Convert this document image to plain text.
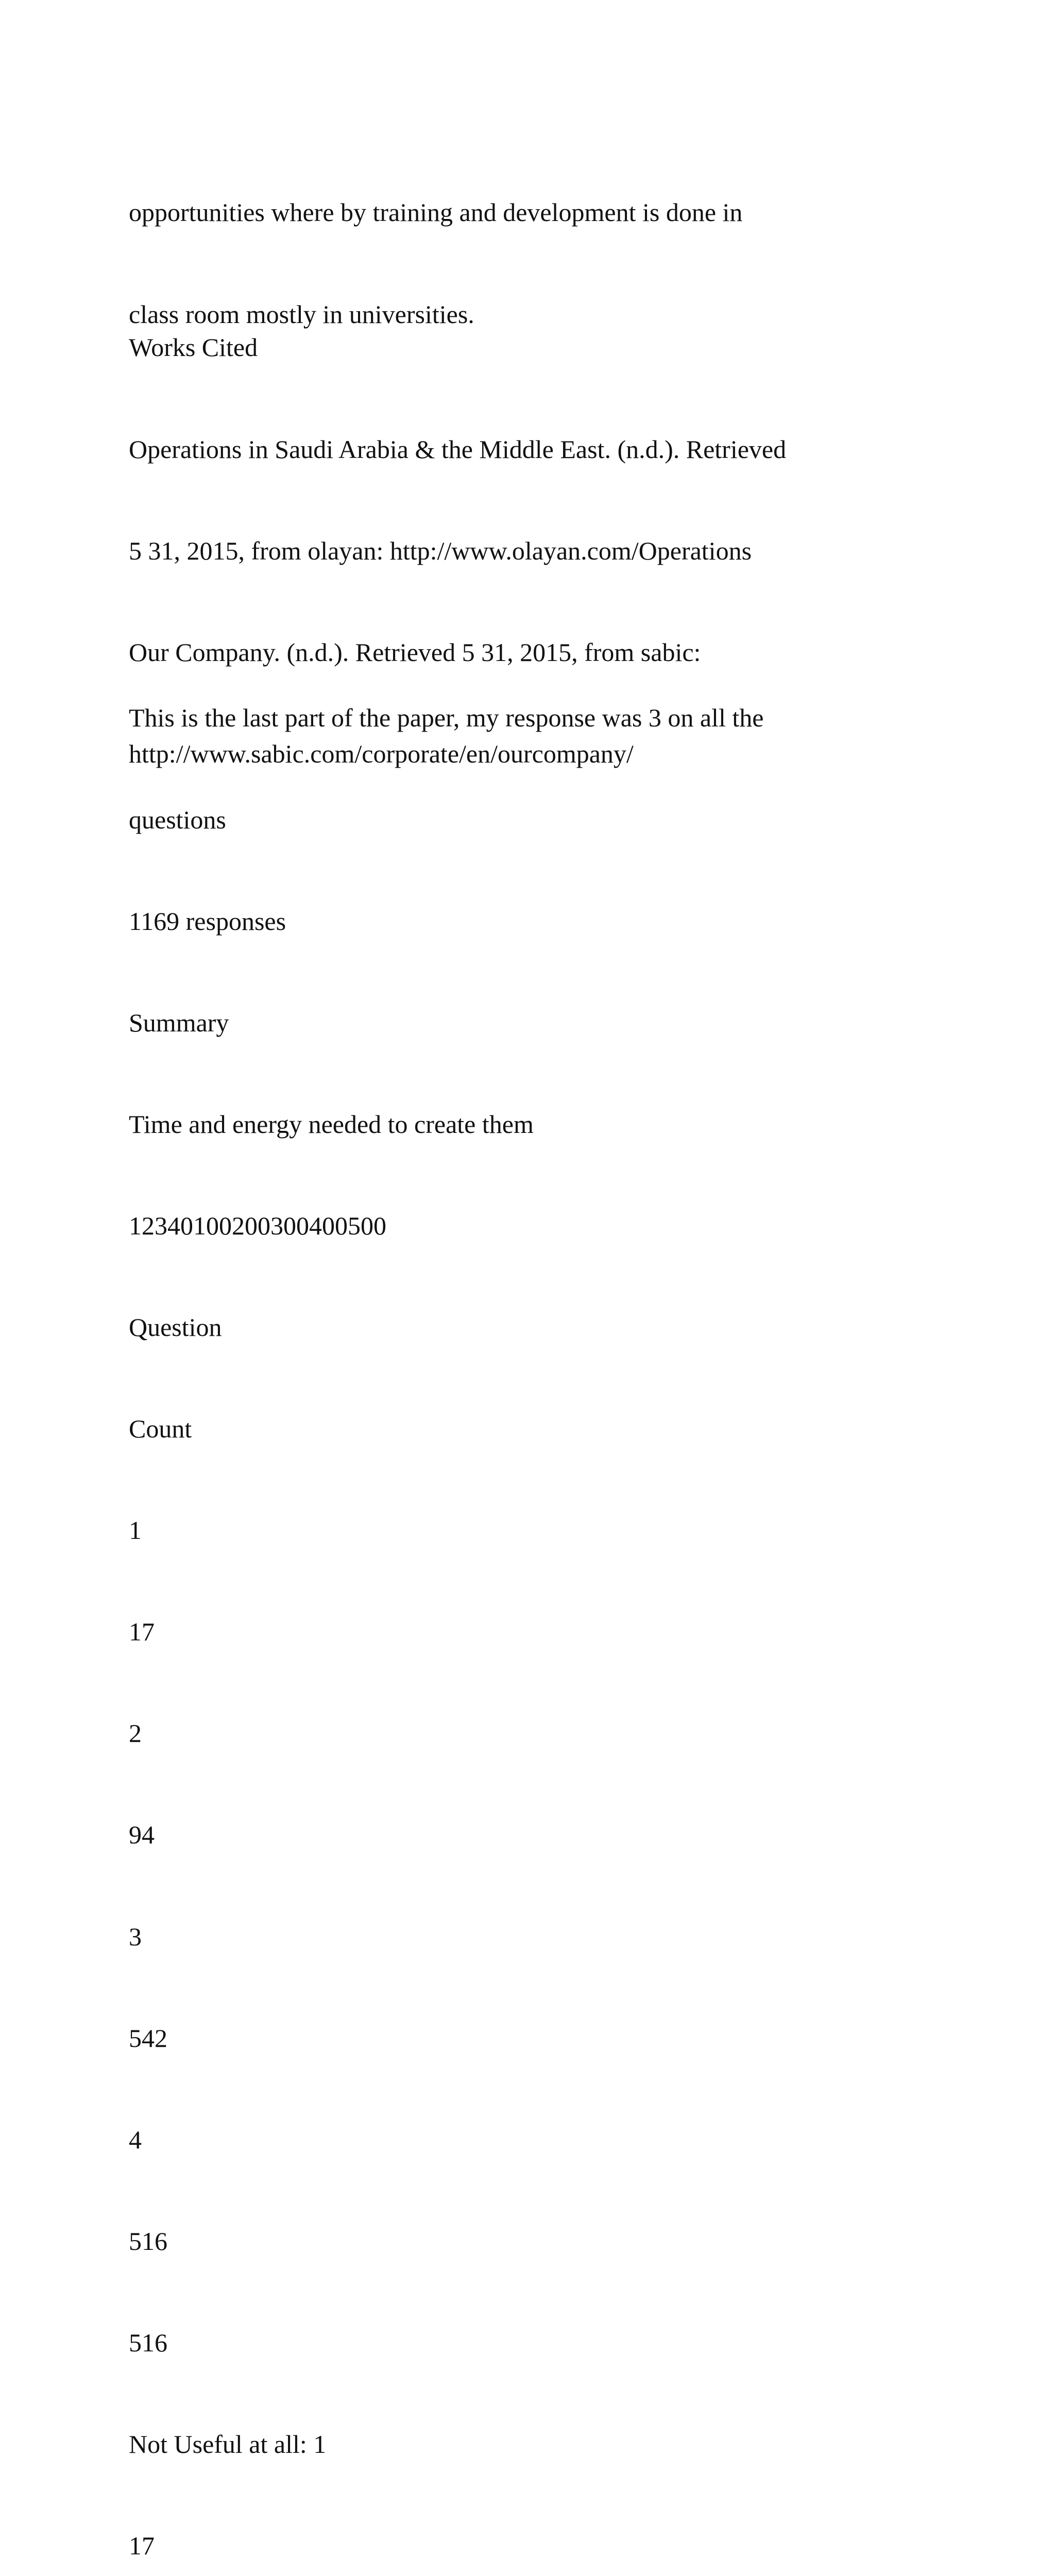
opportunities where by training and development is done in

class room mostly in universities.

Works Cited

Operations in Saudi Arabia & the Middle East. (n.d.). Retrieved

5 31, 2015, from olayan: http://www.olayan.com/Operations

Our Company. (n.d.). Retrieved 5 31, 2015, from sabic:

http://www.sabic.com/corporate/en/ourcompany/

This is the last part of the paper, my response was 3 on all the

questions

1169 responses

Summary

Time and energy needed to create them

12340100200300400500

Question

Count

1

17

2

94

3

542

4

516

516

Not Useful at all: 1

17
